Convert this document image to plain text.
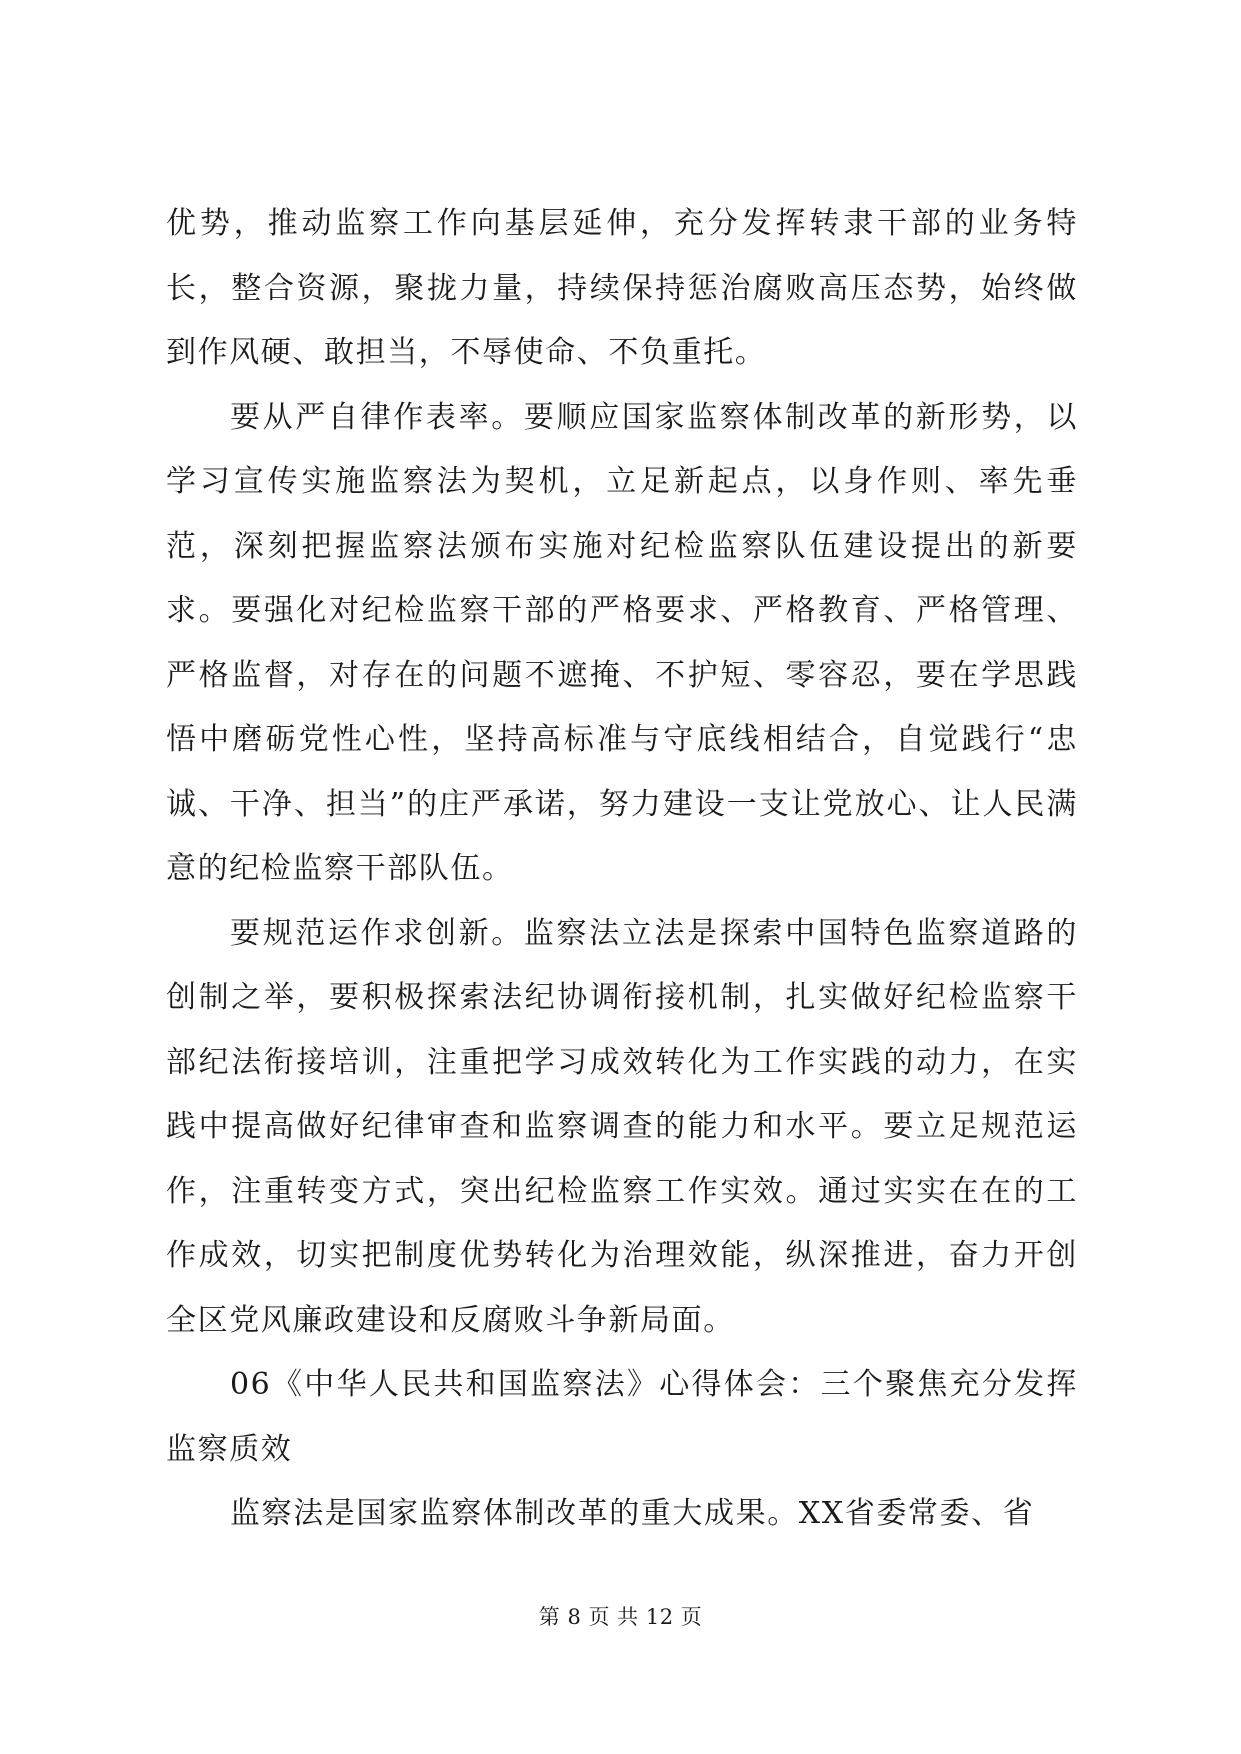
优势，推动监察工作向基层延伸，充分发挥转隶干部的业务特长，整合资源，聚拢力量，持续保持惩治腐败高压态势，始终做到作风硬、敢担当，不辱使命、不负重托。

要从严自律作表率。要顺应国家监察体制改革的新形势，以学习宣传实施监察法为契机，立足新起点，以身作则、率先垂范，深刻把握监察法颁布实施对纪检监察队伍建设提出的新要求。要强化对纪检监察干部的严格要求、严格教育、严格管理、严格监督，对存在的问题不遮掩、不护短、零容忍，要在学思践悟中磨砺党性心性，坚持高标准与守底线相结合，自觉践行“忠诚、干净、担当”的庄严承诺，努力建设一支让党放心、让人民满意的纪检监察干部队伍。

要规范运作求创新。监察法立法是探索中国特色监察道路的创制之举，要积极探索法纪协调衔接机制，扎实做好纪检监察干部纪法衔接培训，注重把学习成效转化为工作实践的动力，在实践中提高做好纪律审查和监察调查的能力和水平。要立足规范运作，注重转变方式，突出纪检监察工作实效。通过实实在在的工作成效，切实把制度优势转化为治理效能，纵深推进，奋力开创全区党风廉政建设和反腐败斗争新局面。

06《中华人民共和国监察法》心得体会：三个聚焦充分发挥监察质效

监察法是国家监察体制改革的重大成果。XX省委常委、省

第 8 页 共 12 页
